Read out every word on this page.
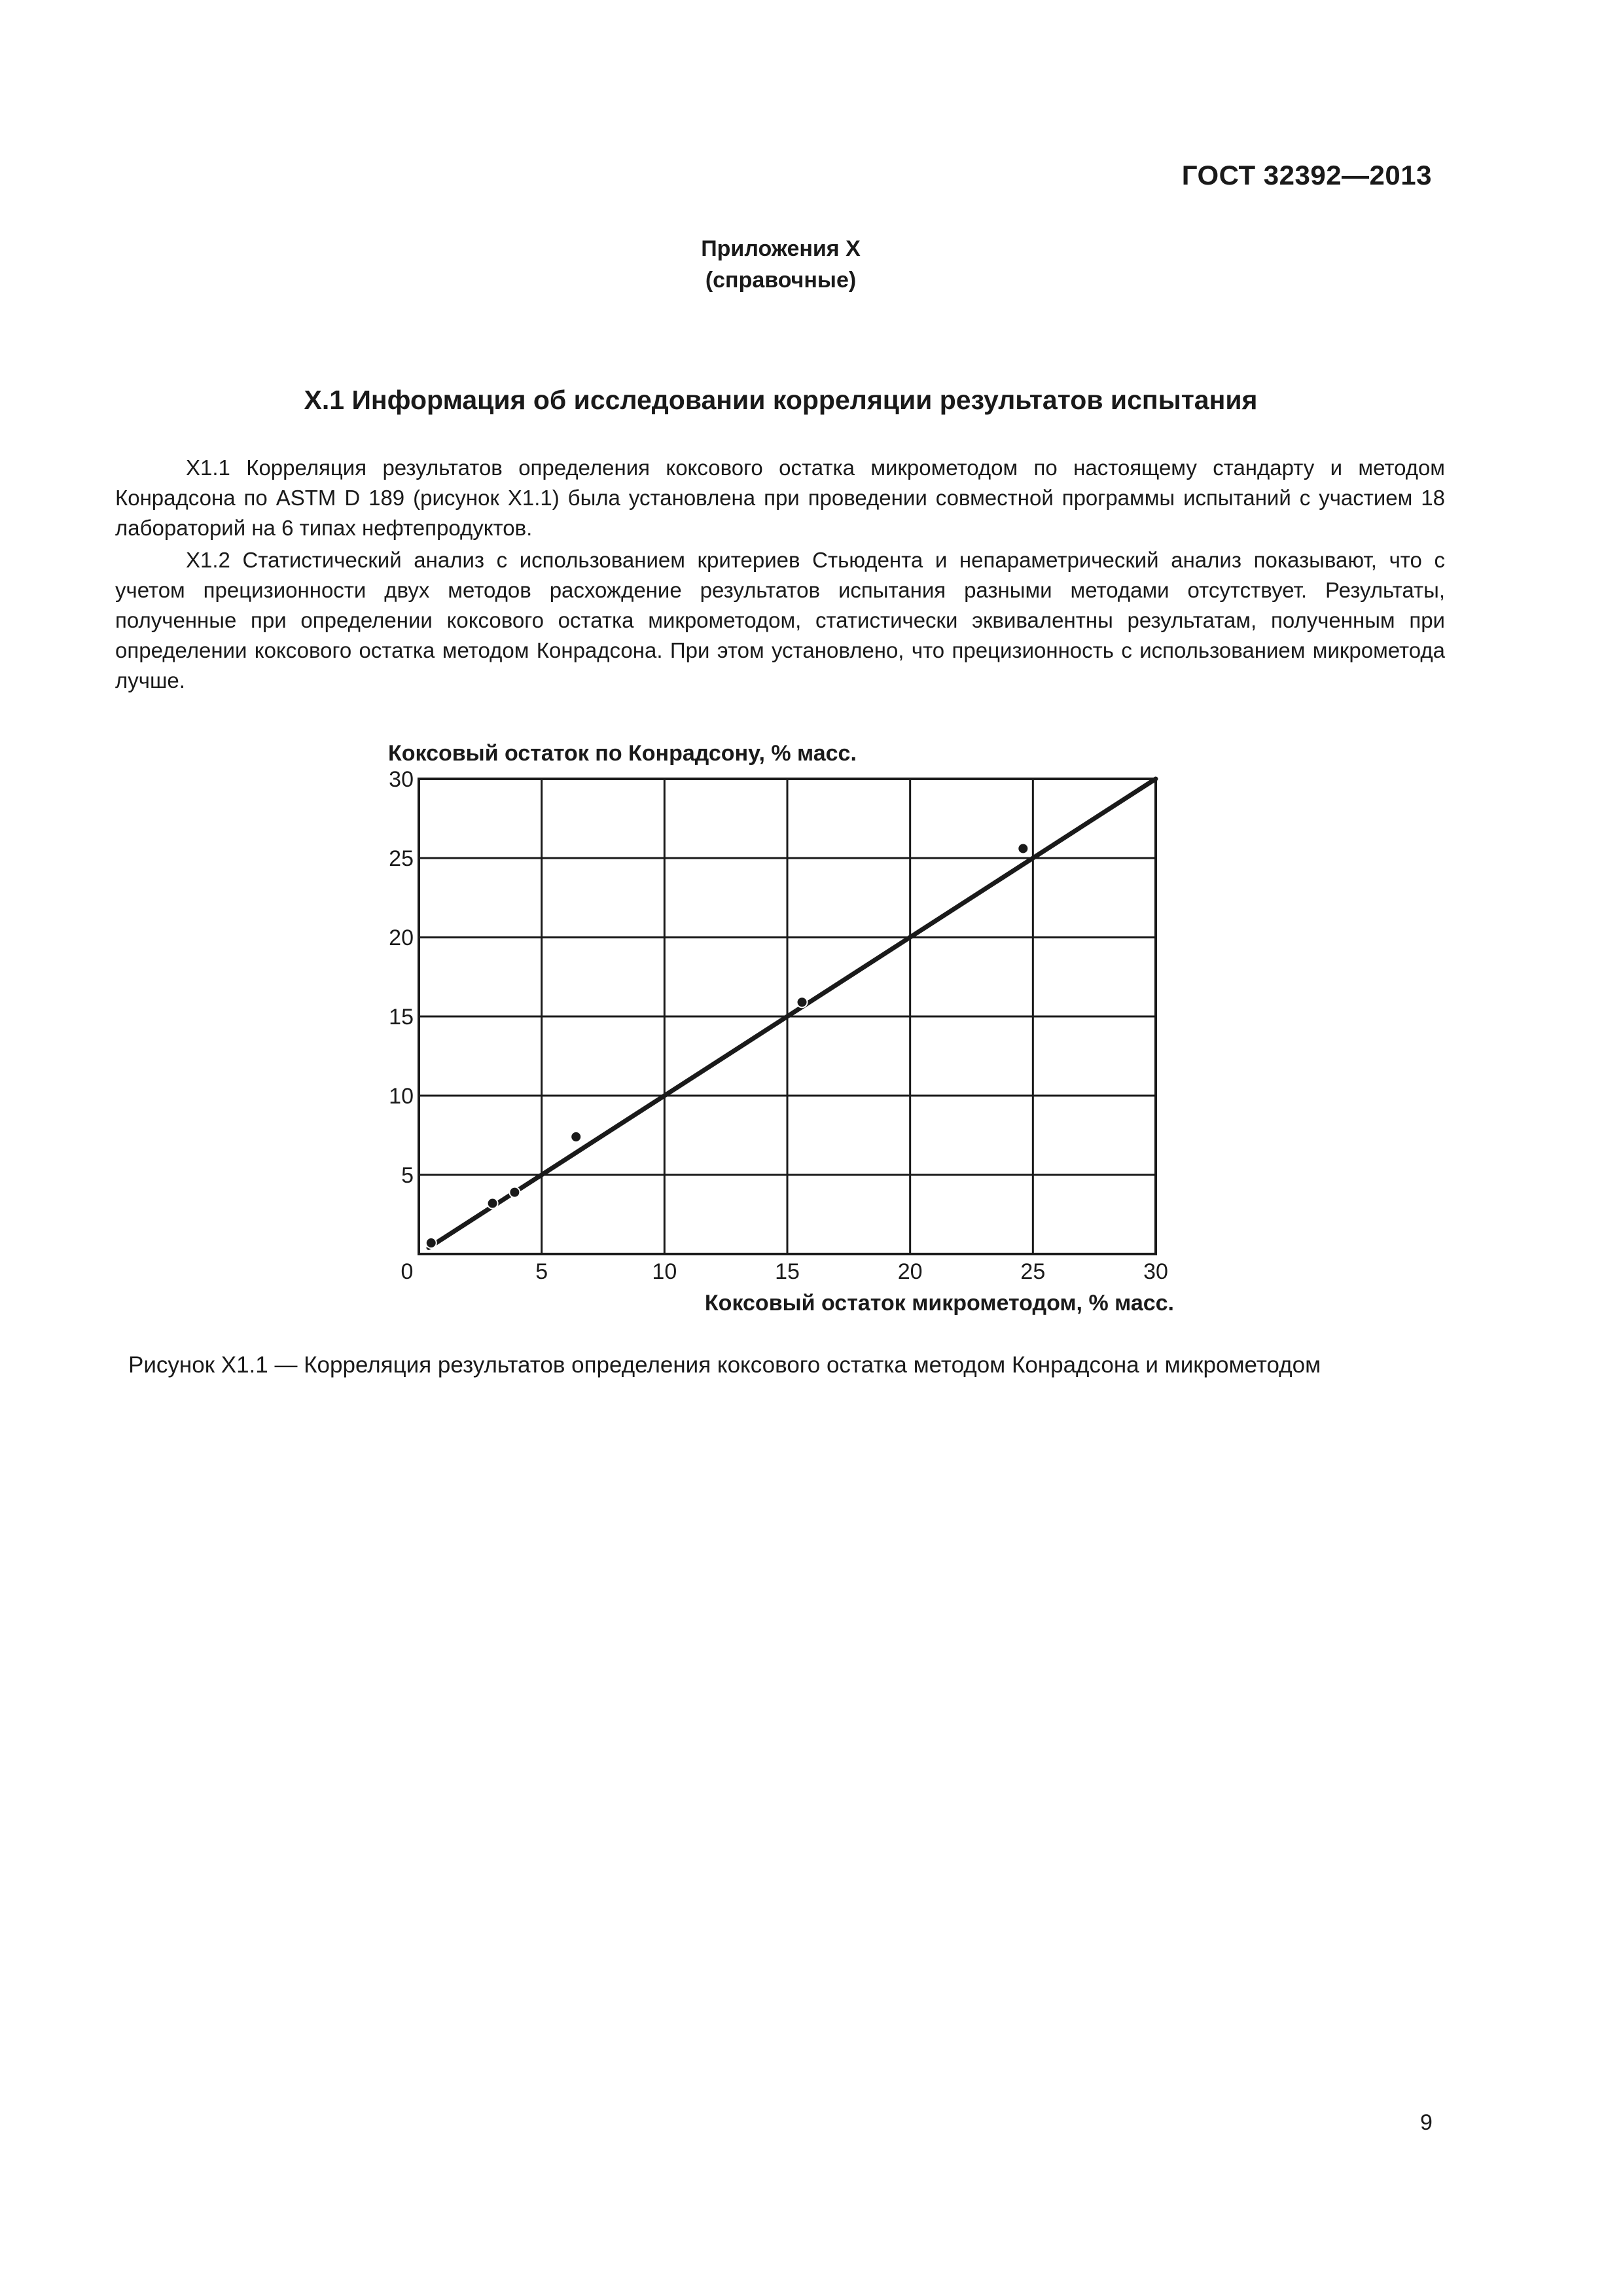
ГОСТ 32392—2013
Приложения Х
(справочные)
Х.1 Информация об исследовании корреляции результатов испытания

Х1.1 Корреляция результатов определения коксового остатка микрометодом по настоящему стандарту и методом Конрадсона по ASTM D 189 (рисунок Х1.1) была установлена при проведении совместной программы испытаний с участием 18 лабораторий на 6 типах нефтепродуктов.

Х1.2 Статистический анализ с использованием критериев Стьюдента и непараметрический анализ показывают, что с учетом прецизионности двух методов расхождение результатов испытания разными методами отсутствует. Результаты, полученные при определении коксового остатка микрометодом, статистически эквивалентны результатам, полученным при определении коксового остатка методом Конрадсона. При этом установлено, что прецизионность с использованием микрометода лучше.

5
10
15
20
25
30
0	5	10	15	20	25	30
Коксовый остаток по Конрадсону, % масс.
Коксовый остаток микрометодом, % масс.
Рисунок Х1.1 — Корреляция результатов определения коксового остатка методом Конрадсона и микрометодом
9
